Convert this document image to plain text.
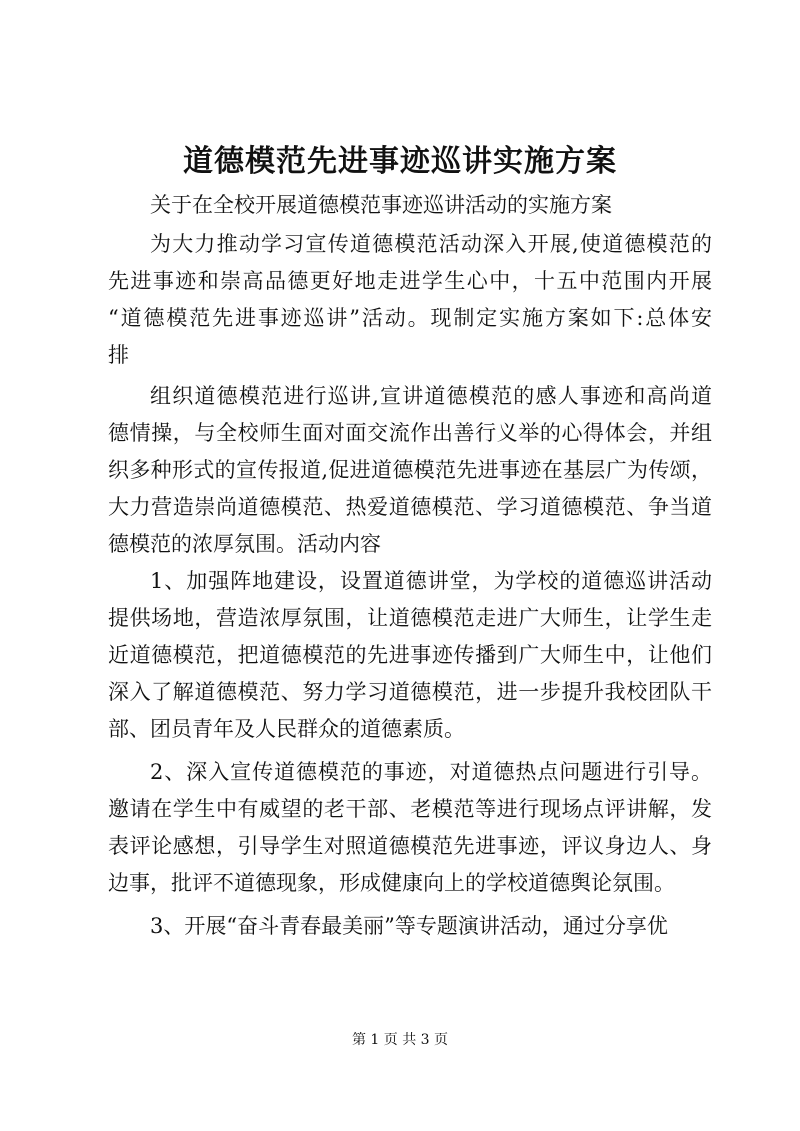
道德模范先进事迹巡讲实施方案
关于在全校开展道德模范事迹巡讲活动的实施方案

为大力推动学习宣传道德模范活动深入开展,使道德模范的
先进事迹和崇高品德更好地走进学生心中，十五中范围内开展
“道德模范先进事迹巡讲”活动。现制定实施方案如下:总体安
排

组织道德模范进行巡讲,宣讲道德模范的感人事迹和高尚道
德情操，与全校师生面对面交流作出善行义举的心得体会，并组
织多种形式的宣传报道,促进道德模范先进事迹在基层广为传颂，
大力营造崇尚道德模范、热爱道德模范、学习道德模范、争当道
德模范的浓厚氛围。活动内容

1、加强阵地建设，设置道德讲堂，为学校的道德巡讲活动
提供场地，营造浓厚氛围，让道德模范走进广大师生，让学生走
近道德模范，把道德模范的先进事迹传播到广大师生中，让他们
深入了解道德模范、努力学习道德模范，进一步提升我校团队干
部、团员青年及人民群众的道德素质。

2、深入宣传道德模范的事迹，对道德热点问题进行引导。
邀请在学生中有威望的老干部、老模范等进行现场点评讲解，发
表评论感想，引导学生对照道德模范先进事迹，评议身边人、身
边事，批评不道德现象，形成健康向上的学校道德舆论氛围。

3、开展“奋斗青春最美丽”等专题演讲活动，通过分享优

第 1 页 共 3 页
